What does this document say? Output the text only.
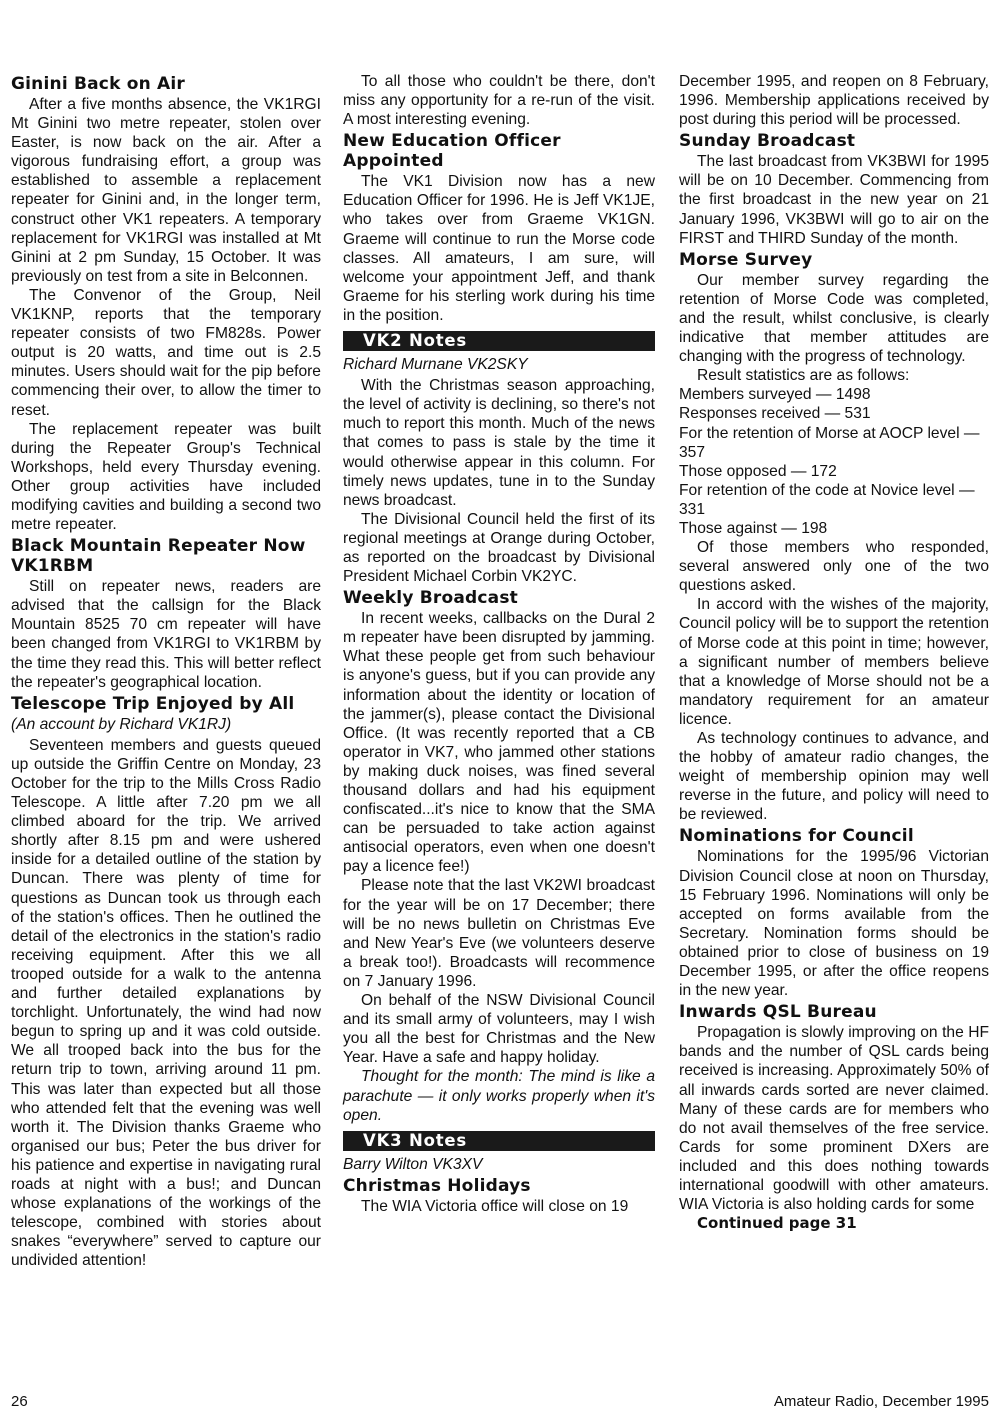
Ginini Back on Air

After a five months absence, the VK1RGI Mt Ginini two metre repeater, stolen over Easter, is now back on the air. After a vigorous fundraising effort, a group was established to assemble a replacement repeater for Ginini and, in the longer term, construct other VK1 repeaters. A temporary replacement for VK1RGI was installed at Mt Ginini at 2 pm Sunday, 15 October. It was previously on test from a site in Belconnen.

The Convenor of the Group, Neil VK1KNP, reports that the temporary repeater consists of two FM828s. Power output is 20 watts, and time out is 2.5 minutes. Users should wait for the pip before commencing their over, to allow the timer to reset.

The replacement repeater was built during the Repeater Group's Technical Workshops, held every Thursday evening. Other group activities have included modifying cavities and building a second two metre repeater.

Black Mountain Repeater Now VK1RBM

Still on repeater news, readers are advised that the callsign for the Black Mountain 8525 70 cm repeater will have been changed from VK1RGI to VK1RBM by the time they read this. This will better reflect the repeater's geographical location.

Telescope Trip Enjoyed by All

(An account by Richard VK1RJ)

Seventeen members and guests queued up outside the Griffin Centre on Monday, 23 October for the trip to the Mills Cross Radio Telescope. A little after 7.20 pm we all climbed aboard for the trip. We arrived shortly after 8.15 pm and were ushered inside for a detailed outline of the station by Duncan. There was plenty of time for questions as Duncan took us through each of the station's offices. Then he outlined the detail of the electronics in the station's radio receiving equipment. After this we all trooped outside for a walk to the antenna and further detailed explanations by torchlight. Unfortunately, the wind had now begun to spring up and it was cold outside. We all trooped back into the bus for the return trip to town, arriving around 11 pm. This was later than expected but all those who attended felt that the evening was well worth it. The Division thanks Graeme who organised our bus; Peter the bus driver for his patience and expertise in navigating rural roads at night with a bus!; and Duncan whose explanations of the workings of the telescope, combined with stories about snakes “everywhere” served to capture our undivided attention!

To all those who couldn't be there, don't miss any opportunity for a re-run of the visit. A most interesting evening.

New Education Officer Appointed

The VK1 Division now has a new Education Officer for 1996. He is Jeff VK1JE, who takes over from Graeme VK1GN. Graeme will continue to run the Morse code classes. All amateurs, I am sure, will welcome your appointment Jeff, and thank Graeme for his sterling work during his time in the position.

VK2 Notes

Richard Murnane VK2SKY

With the Christmas season approaching, the level of activity is declining, so there's not much to report this month. Much of the news that comes to pass is stale by the time it would otherwise appear in this column. For timely news updates, tune in to the Sunday news broadcast.

The Divisional Council held the first of its regional meetings at Orange during October, as reported on the broadcast by Divisional President Michael Corbin VK2YC.

Weekly Broadcast

In recent weeks, callbacks on the Dural 2 m repeater have been disrupted by jamming. What these people get from such behaviour is anyone's guess, but if you can provide any information about the identity or location of the jammer(s), please contact the Divisional Office. (It was recently reported that a CB operator in VK7, who jammed other stations by making duck noises, was fined several thousand dollars and had his equipment confiscated...it's nice to know that the SMA can be persuaded to take action against antisocial operators, even when one doesn't pay a licence fee!)

Please note that the last VK2WI broadcast for the year will be on 17 December; there will be no news bulletin on Christmas Eve and New Year's Eve (we volunteers deserve a break too!). Broadcasts will recommence on 7 January 1996.

On behalf of the NSW Divisional Council and its small army of volunteers, may I wish you all the best for Christmas and the New Year. Have a safe and happy holiday.

Thought for the month: The mind is like a parachute — it only works properly when it's open.

VK3 Notes

Barry Wilton VK3XV

Christmas Holidays

The WIA Victoria office will close on 19

December 1995, and reopen on 8 February, 1996. Membership applications received by post during this period will be processed.

Sunday Broadcast

The last broadcast from VK3BWI for 1995 will be on 10 December. Commencing from the first broadcast in the new year on 21 January 1996, VK3BWI will go to air on the FIRST and THIRD Sunday of the month.

Morse Survey

Our member survey regarding the retention of Morse Code was completed, and the result, whilst conclusive, is clearly indicative that member attitudes are changing with the progress of technology.

Result statistics are as follows:

Members surveyed — 1498

Responses received — 531

For the retention of Morse at AOCP level — 357

Those opposed — 172

For retention of the code at Novice level — 331

Those against — 198

Of those members who responded, several answered only one of the two questions asked.

In accord with the wishes of the majority, Council policy will be to support the retention of Morse code at this point in time; however, a significant number of members believe that a knowledge of Morse should not be a mandatory requirement for an amateur licence.

As technology continues to advance, and the hobby of amateur radio changes, the weight of membership opinion may well reverse in the future, and policy will need to be reviewed.

Nominations for Council

Nominations for the 1995/96 Victorian Division Council close at noon on Thursday, 15 February 1996. Nominations will only be accepted on forms available from the Secretary. Nomination forms should be obtained prior to close of business on 19 December 1995, or after the office reopens in the new year.

Inwards QSL Bureau

Propagation is slowly improving on the HF bands and the number of QSL cards being received is increasing. Approximately 50% of all inwards cards sorted are never claimed. Many of these cards are for members who do not avail themselves of the free service. Cards for some prominent DXers are included and this does nothing towards international goodwill with other amateurs. WIA Victoria is also holding cards for some

Continued page 31

26	Amateur Radio, December 1995
